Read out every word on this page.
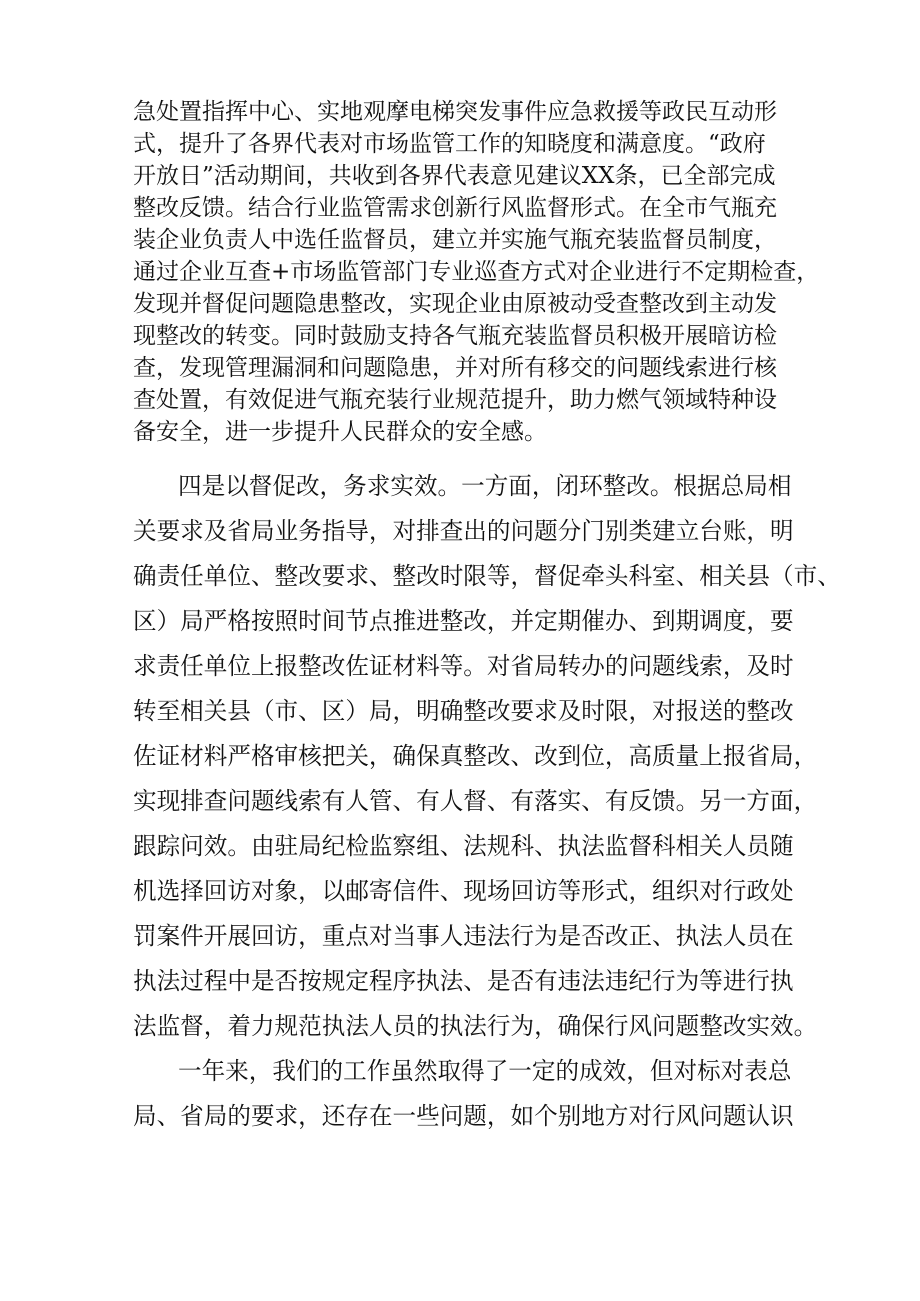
急处置指挥中心、实地观摩电梯突发事件应急救援等政民互动形
式，提升了各界代表对市场监管工作的知晓度和满意度。“政府
开放日”活动期间，共收到各界代表意见建议XX条，已全部完成
整改反馈。结合行业监管需求创新行风监督形式。在全市气瓶充
装企业负责人中选任监督员，建立并实施气瓶充装监督员制度，
通过企业互查+市场监管部门专业巡查方式对企业进行不定期检查，
发现并督促问题隐患整改，实现企业由原被动受查整改到主动发
现整改的转变。同时鼓励支持各气瓶充装监督员积极开展暗访检
查，发现管理漏洞和问题隐患，并对所有移交的问题线索进行核
查处置，有效促进气瓶充装行业规范提升，助力燃气领域特种设
备安全，进一步提升人民群众的安全感。
四是以督促改，务求实效。一方面，闭环整改。根据总局相
关要求及省局业务指导，对排查出的问题分门别类建立台账，明
确责任单位、整改要求、整改时限等，督促牵头科室、相关县（市、
区）局严格按照时间节点推进整改，并定期催办、到期调度，要
求责任单位上报整改佐证材料等。对省局转办的问题线索，及时
转至相关县（市、区）局，明确整改要求及时限，对报送的整改
佐证材料严格审核把关，确保真整改、改到位，高质量上报省局，
实现排查问题线索有人管、有人督、有落实、有反馈。另一方面，
跟踪问效。由驻局纪检监察组、法规科、执法监督科相关人员随
机选择回访对象，以邮寄信件、现场回访等形式，组织对行政处
罚案件开展回访，重点对当事人违法行为是否改正、执法人员在
执法过程中是否按规定程序执法、是否有违法违纪行为等进行执
法监督，着力规范执法人员的执法行为，确保行风问题整改实效。
一年来，我们的工作虽然取得了一定的成效，但对标对表总
局、省局的要求，还存在一些问题，如个别地方对行风问题认识
